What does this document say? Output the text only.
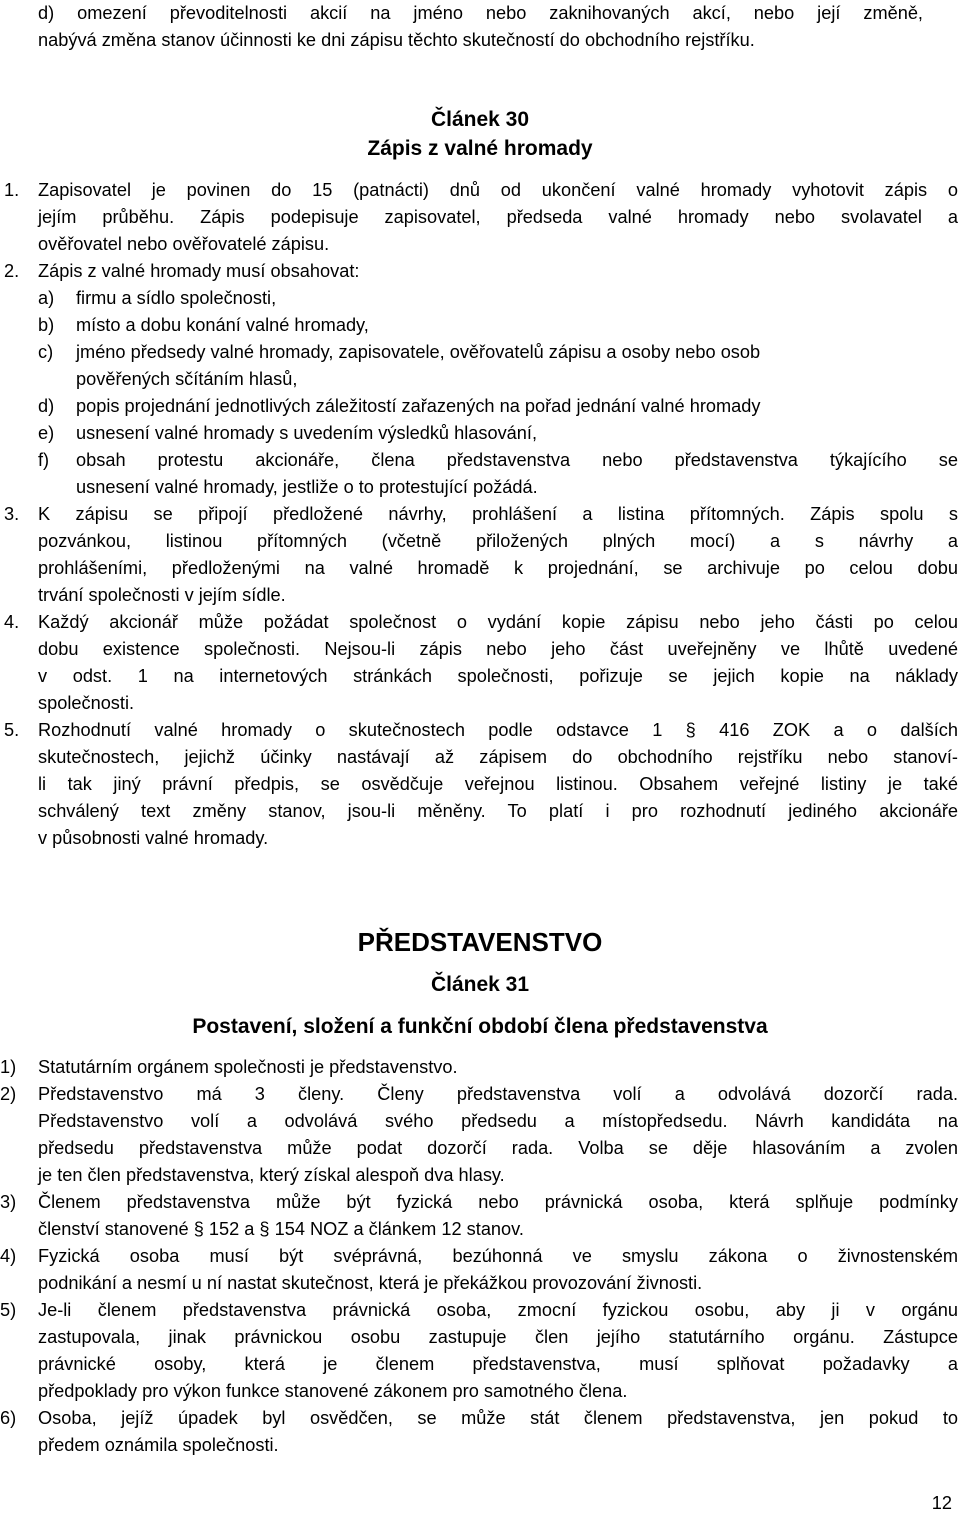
d) omezení převoditelnosti akcií na jméno nebo zaknihovaných akcí, nebo její změně,

nabývá změna stanov účinnosti ke dni zápisu těchto skutečností do obchodního rejstříku.

Článek 30
Zápis z valné hromady
1. Zapisovatel je povinen do 15 (patnácti) dnů od ukončení valné hromady vyhotovit zápis o

jejím průběhu. Zápis podepisuje zapisovatel, předseda valné hromady nebo svolavatel a

ověřovatel nebo ověřovatelé zápisu.

2. Zápis z valné hromady musí obsahovat:

a) firmu a sídlo společnosti,

b) místo a dobu konání valné hromady,

c) jméno předsedy valné hromady, zapisovatele, ověřovatelů zápisu a osoby nebo osob

pověřených sčítáním hlasů,

d) popis projednání jednotlivých záležitostí zařazených na pořad jednání valné hromady

e) usnesení valné hromady s uvedením výsledků hlasování,

f) obsah protestu akcionáře, člena představenstva nebo představenstva týkajícího se

usnesení valné hromady, jestliže o to protestující požádá.

3. K zápisu se připojí předložené návrhy, prohlášení a listina přítomných. Zápis spolu s

pozvánkou, listinou přítomných (včetně přiložených plných mocí) a s návrhy a

prohlášeními, předloženými na valné hromadě k projednání, se archivuje po celou dobu

trvání společnosti v jejím sídle.

4. Každý akcionář může požádat společnost o vydání kopie zápisu nebo jeho části po celou

dobu existence společnosti. Nejsou-li zápis nebo jeho část uveřejněny ve lhůtě uvedené

v odst. 1 na internetových stránkách společnosti, pořizuje se jejich kopie na náklady

společnosti.

5. Rozhodnutí valné hromady o skutečnostech podle odstavce 1 § 416 ZOK a o dalších

skutečnostech, jejichž účinky nastávají až zápisem do obchodního rejstříku nebo stanoví-

li tak jiný právní předpis, se osvědčuje veřejnou listinou. Obsahem veřejné listiny je také

schválený text změny stanov, jsou-li měněny. To platí i pro rozhodnutí jediného akcionáře

v působnosti valné hromady.

PŘEDSTAVENSTVO
Článek 31
Postavení, složení a funkční období člena představenstva
1) Statutárním orgánem společnosti je představenstvo.

2) Představenstvo má 3 členy. Členy představenstva volí a odvolává dozorčí rada.

Představenstvo volí a odvolává svého předsedu a místopředsedu. Návrh kandidáta na

předsedu představenstva může podat dozorčí rada. Volba se děje hlasováním a zvolen

je ten člen představenstva, který získal alespoň dva hlasy.

3) Členem představenstva může být fyzická nebo právnická osoba, která splňuje podmínky

členství stanovené § 152 a § 154 NOZ a článkem 12 stanov.

4) Fyzická osoba musí být svéprávná, bezúhonná ve smyslu zákona o živnostenském

podnikání a nesmí u ní nastat skutečnost, která je překážkou provozování živnosti.

5) Je-li členem představenstva právnická osoba, zmocní fyzickou osobu, aby ji v orgánu

zastupovala, jinak právnickou osobu zastupuje člen jejího statutárního orgánu. Zástupce

právnické osoby, která je členem představenstva, musí splňovat požadavky a

předpoklady pro výkon funkce stanovené zákonem pro samotného člena.

6) Osoba, jejíž úpadek byl osvědčen, se může stát členem představenstva, jen pokud to

předem oznámila společnosti.

12
